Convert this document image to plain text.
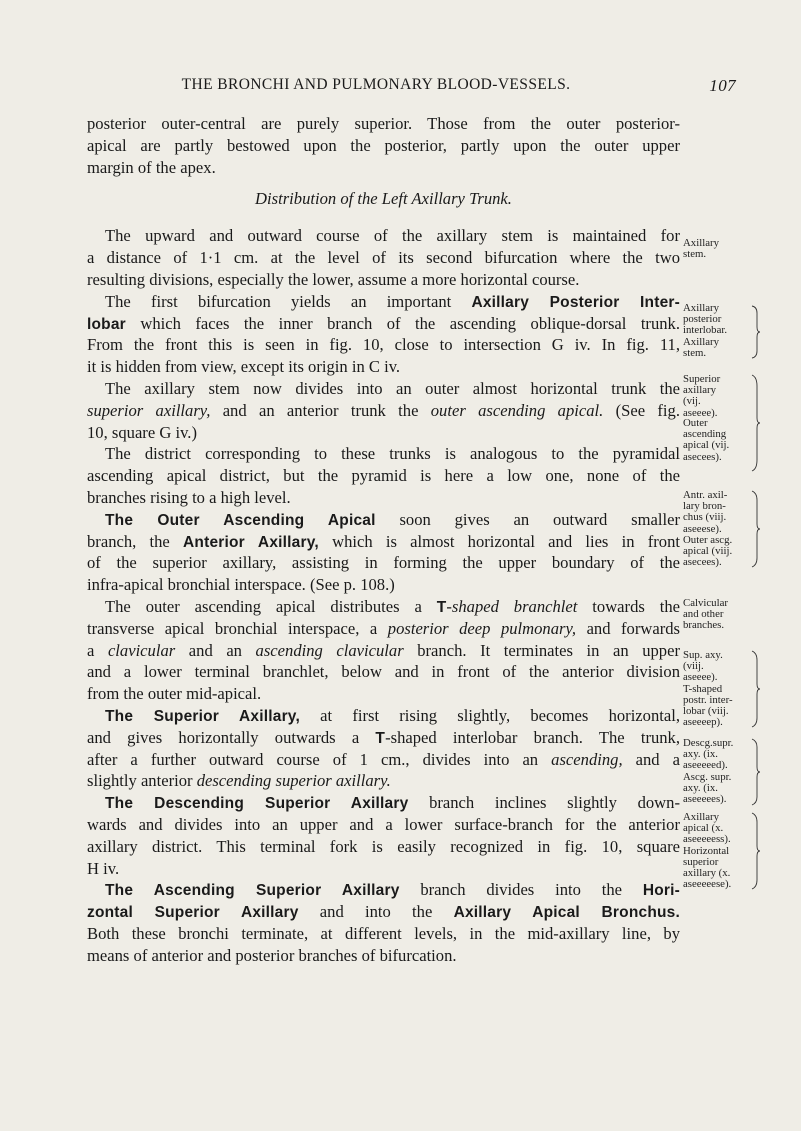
THE BRONCHI AND PULMONARY BLOOD-VESSELS.	107
posterior outer-central are purely superior. Those from the outer posterior-
apical are partly bestowed upon the posterior, partly upon the outer upper
margin of the apex.
Distribution of the Left Axillary Trunk.
The upward and outward course of the axillary stem is maintained for
a distance of 1·1 cm. at the level of its second bifurcation where the two
resulting divisions, especially the lower, assume a more horizontal course.
The first bifurcation yields an important Axillary Posterior Inter-
lobar which faces the inner branch of the ascending oblique-dorsal trunk.
From the front this is seen in fig. 10, close to intersection G iv. In fig. 11,
it is hidden from view, except its origin in C iv.
The axillary stem now divides into an outer almost horizontal trunk the
superior axillary, and an anterior trunk the outer ascending apical. (See fig.
10, square G iv.)
The district corresponding to these trunks is analogous to the pyramidal
ascending apical district, but the pyramid is here a low one, none of the
branches rising to a high level.
The Outer Ascending Apical soon gives an outward smaller
branch, the Anterior Axillary, which is almost horizontal and lies in front
of the superior axillary, assisting in forming the upper boundary of the
infra-apical bronchial interspace. (See p. 108.)
The outer ascending apical distributes a T-shaped branchlet towards the
transverse apical bronchial interspace, a posterior deep pulmonary, and forwards
a clavicular and an ascending clavicular branch. It terminates in an upper
and a lower terminal branchlet, below and in front of the anterior division
from the outer mid-apical.
The Superior Axillary, at first rising slightly, becomes horizontal,
and gives horizontally outwards a T-shaped interlobar branch. The trunk,
after a further outward course of 1 cm., divides into an ascending, and a
slightly anterior descending superior axillary.
The Descending Superior Axillary branch inclines slightly down-
wards and divides into an upper and a lower surface-branch for the anterior
axillary district. This terminal fork is easily recognized in fig. 10, square
H iv.
The Ascending Superior Axillary branch divides into the Hori-
zontal Superior Axillary and into the Axillary Apical Bronchus.
Both these bronchi terminate, at different levels, in the mid-axillary line, by
means of anterior and posterior branches of bifurcation.
Axillary
stem.
Axillary
posterior
interlobar.
Axillary
stem.
Superior
axillary
(vij.
aseeee).
Outer
ascending
apical (vij.
asecees).
Antr. axil-
lary bron-
chus (viij.
aseeese).
Outer ascg.
apical (viij.
asecees).
Calvicular
and other
branches.
Sup. axy.
(viij.
aseeee).
T-shaped
postr. inter-
lobar (viij.
aseeeep).
Descg.supr.
axy. (ix.
aseeeeed).
Ascg. supr.
axy. (ix.
aseeeees).
Axillary
apical (x.
aseeeeess).
Horizontal
superior
axillary (x.
aseeeeese).
